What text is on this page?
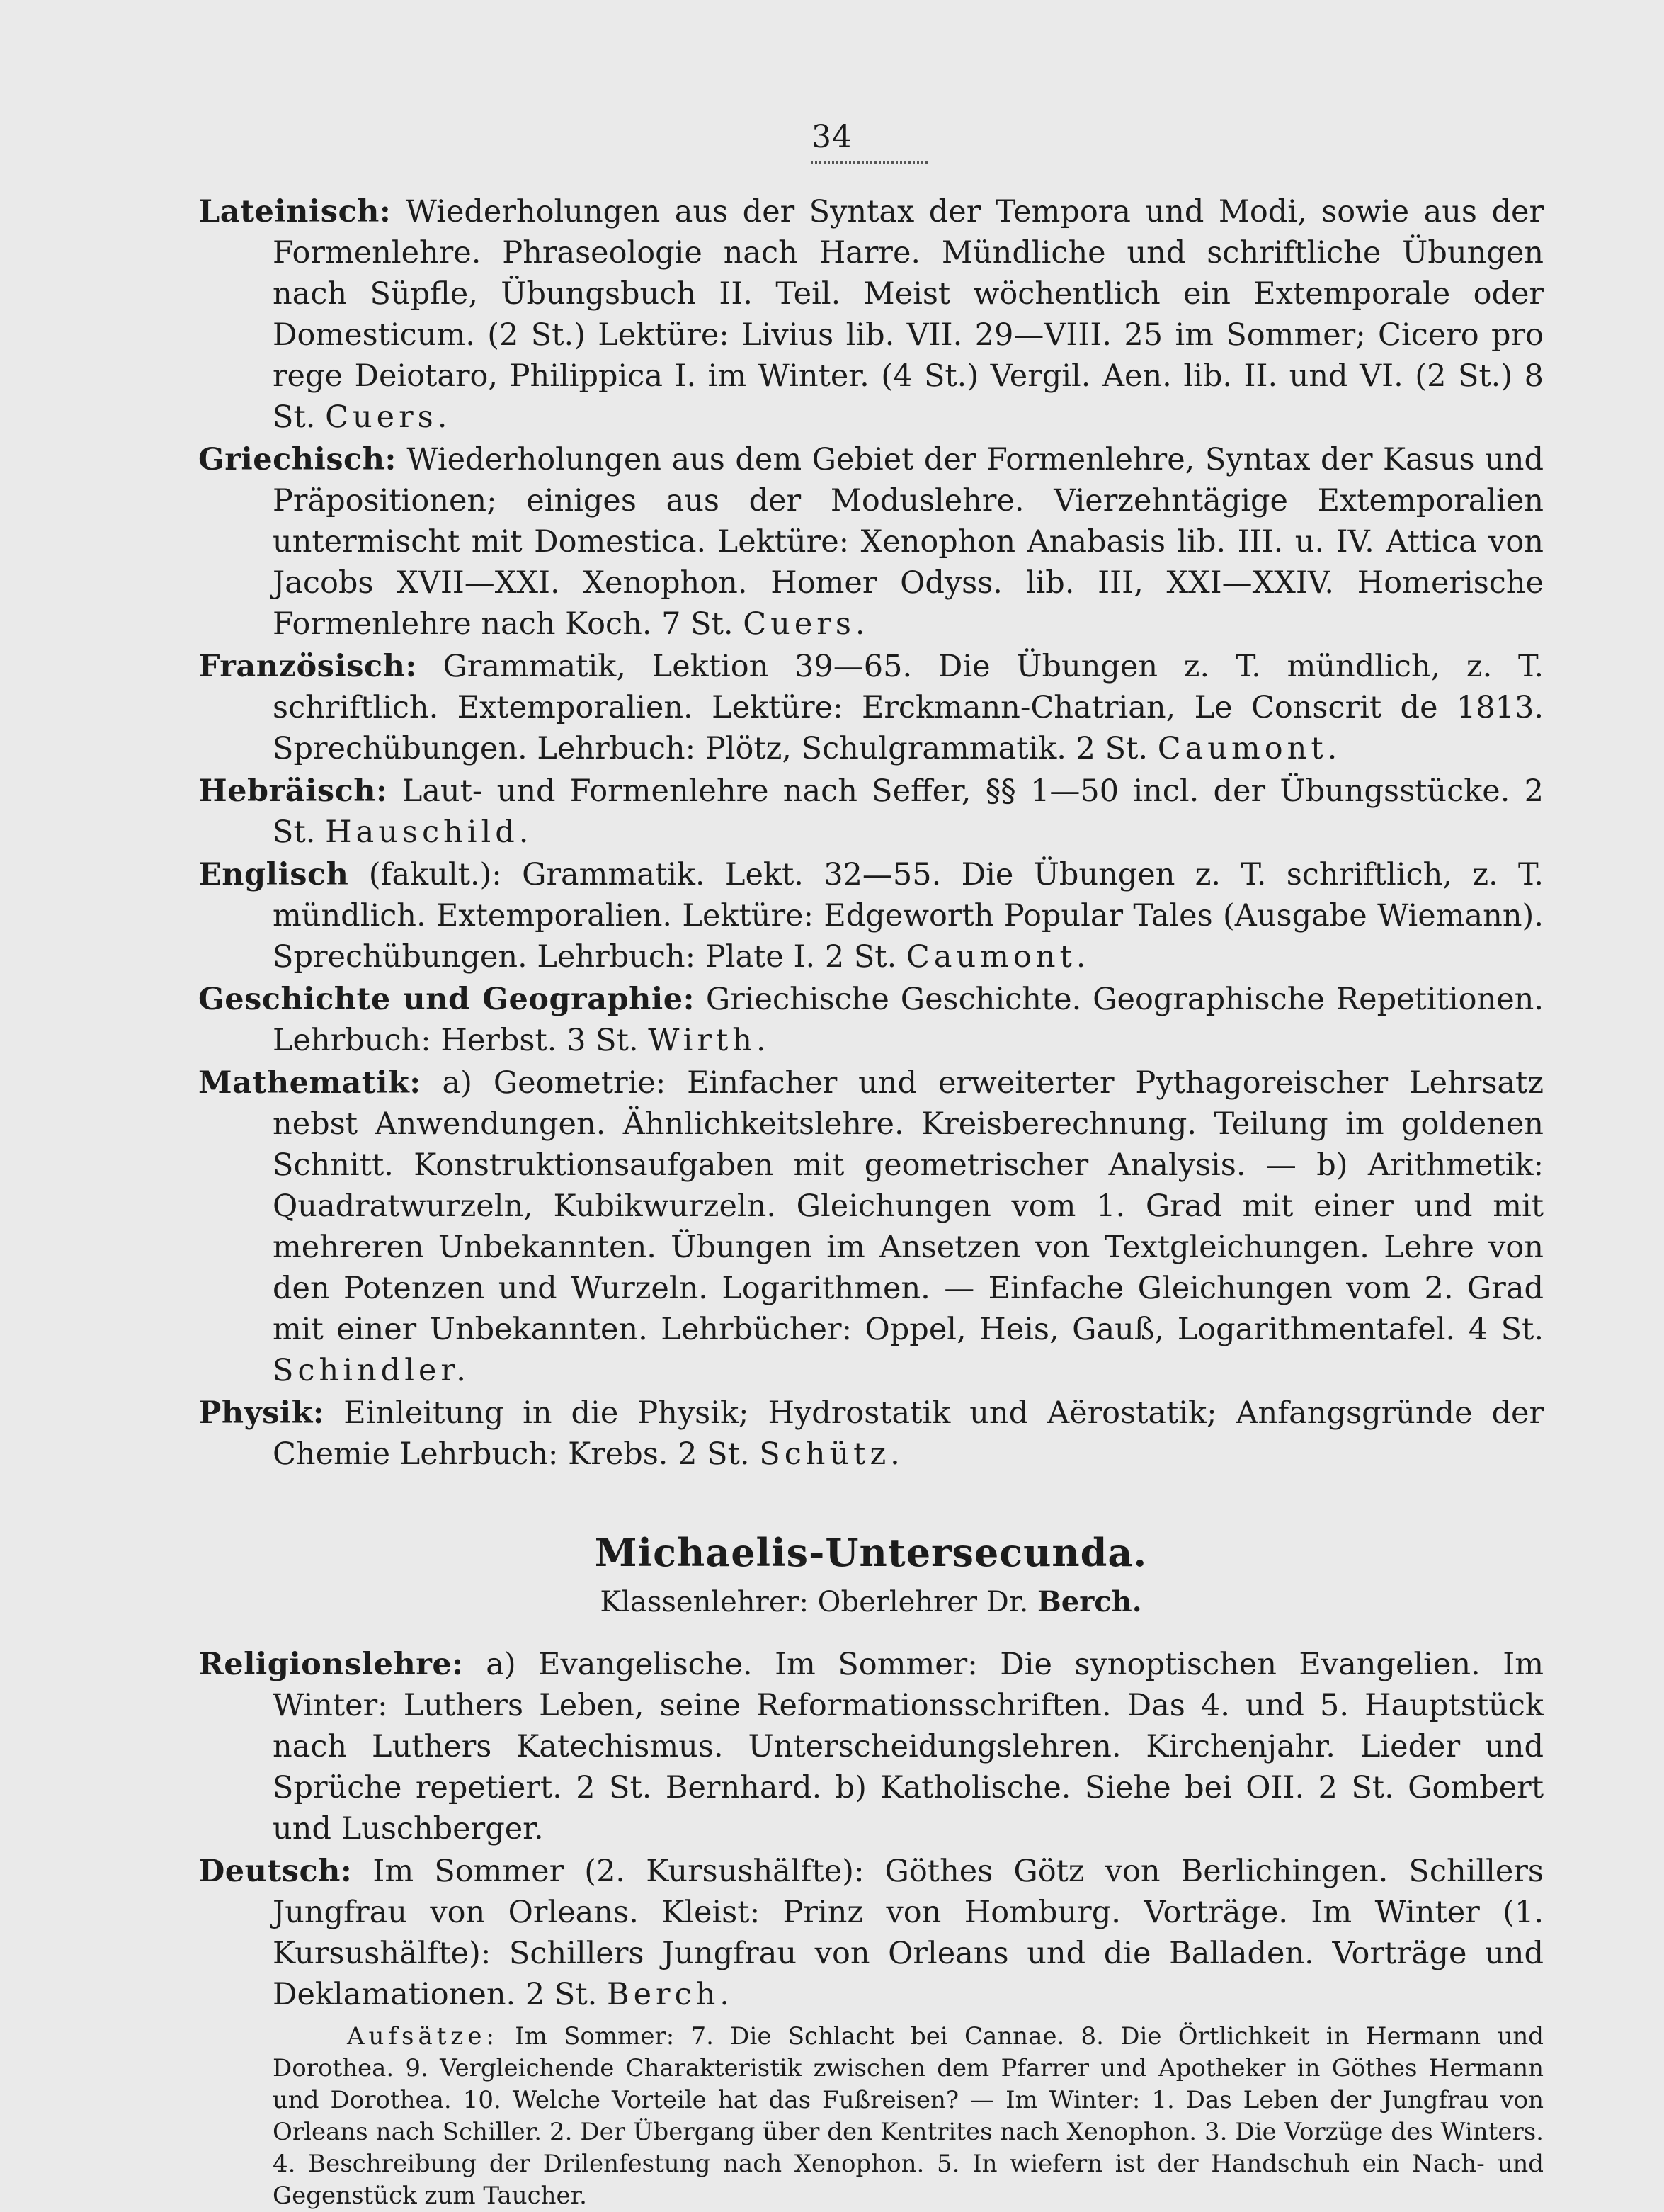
34

Lateinisch: Wiederholungen aus der Syntax der Tempora und Modi, sowie aus der Formenlehre. Phraseologie nach Harre. Mündliche und schriftliche Übungen nach Süpfle, Übungsbuch II. Teil. Meist wöchentlich ein Extemporale oder Domesticum. (2 St.) Lektüre: Livius lib. VII. 29—VIII. 25 im Sommer; Cicero pro rege Deiotaro, Philippica I. im Winter. (4 St.) Vergil. Aen. lib. II. und VI. (2 St.) 8 St. Cuers.

Griechisch: Wiederholungen aus dem Gebiet der Formenlehre, Syntax der Kasus und Präpositionen; einiges aus der Moduslehre. Vierzehntägige Extemporalien untermischt mit Domestica. Lektüre: Xenophon Anabasis lib. III. u. IV. Attica von Jacobs XVII—XXI. Xenophon. Homer Odyss. lib. III, XXI—XXIV. Homerische Formenlehre nach Koch. 7 St. Cuers.

Französisch: Grammatik, Lektion 39—65. Die Übungen z. T. mündlich, z. T. schriftlich. Extemporalien. Lektüre: Erckmann-Chatrian, Le Conscrit de 1813. Sprechübungen. Lehrbuch: Plötz, Schulgrammatik. 2 St. Caumont.

Hebräisch: Laut- und Formenlehre nach Seffer, §§ 1—50 incl. der Übungsstücke. 2 St. Hauschild.

Englisch (fakult.): Grammatik. Lekt. 32—55. Die Übungen z. T. schriftlich, z. T. mündlich. Extemporalien. Lektüre: Edgeworth Popular Tales (Ausgabe Wiemann). Sprechübungen. Lehrbuch: Plate I. 2 St. Caumont.

Geschichte und Geographie: Griechische Geschichte. Geographische Repetitionen. Lehrbuch: Herbst. 3 St. Wirth.

Mathematik: a) Geometrie: Einfacher und erweiterter Pythagoreischer Lehrsatz nebst Anwendungen. Ähnlichkeitslehre. Kreisberechnung. Teilung im goldenen Schnitt. Konstruktionsaufgaben mit geometrischer Analysis. — b) Arithmetik: Quadratwurzeln, Kubikwurzeln. Gleichungen vom 1. Grad mit einer und mit mehreren Unbekannten. Übungen im Ansetzen von Textgleichungen. Lehre von den Potenzen und Wurzeln. Logarithmen. — Einfache Gleichungen vom 2. Grad mit einer Unbekannten. Lehrbücher: Oppel, Heis, Gauß, Logarithmentafel. 4 St. Schindler.

Physik: Einleitung in die Physik; Hydrostatik und Aërostatik; Anfangsgründe der Chemie Lehrbuch: Krebs. 2 St. Schütz.

Michaelis-Untersecunda.
Klassenlehrer: Oberlehrer Dr. Berch.

Religionslehre: a) Evangelische. Im Sommer: Die synoptischen Evangelien. Im Winter: Luthers Leben, seine Reformationsschriften. Das 4. und 5. Hauptstück nach Luthers Katechismus. Unterscheidungslehren. Kirchenjahr. Lieder und Sprüche repetiert. 2 St. Bernhard. b) Katholische. Siehe bei OII. 2 St. Gombert und Luschberger.

Deutsch: Im Sommer (2. Kursushälfte): Göthes Götz von Berlichingen. Schillers Jungfrau von Orleans. Kleist: Prinz von Homburg. Vorträge. Im Winter (1. Kursushälfte): Schillers Jungfrau von Orleans und die Balladen. Vorträge und Deklamationen. 2 St. Berch.

Aufsätze: Im Sommer: 7. Die Schlacht bei Cannae. 8. Die Örtlichkeit in Hermann und Dorothea. 9. Vergleichende Charakteristik zwischen dem Pfarrer und Apotheker in Göthes Hermann und Dorothea. 10. Welche Vorteile hat das Fußreisen? — Im Winter: 1. Das Leben der Jungfrau von Orleans nach Schiller. 2. Der Übergang über den Kentrites nach Xenophon. 3. Die Vorzüge des Winters. 4. Beschreibung der Drilenfestung nach Xenophon. 5. In wiefern ist der Handschuh ein Nach- und Gegenstück zum Taucher.
